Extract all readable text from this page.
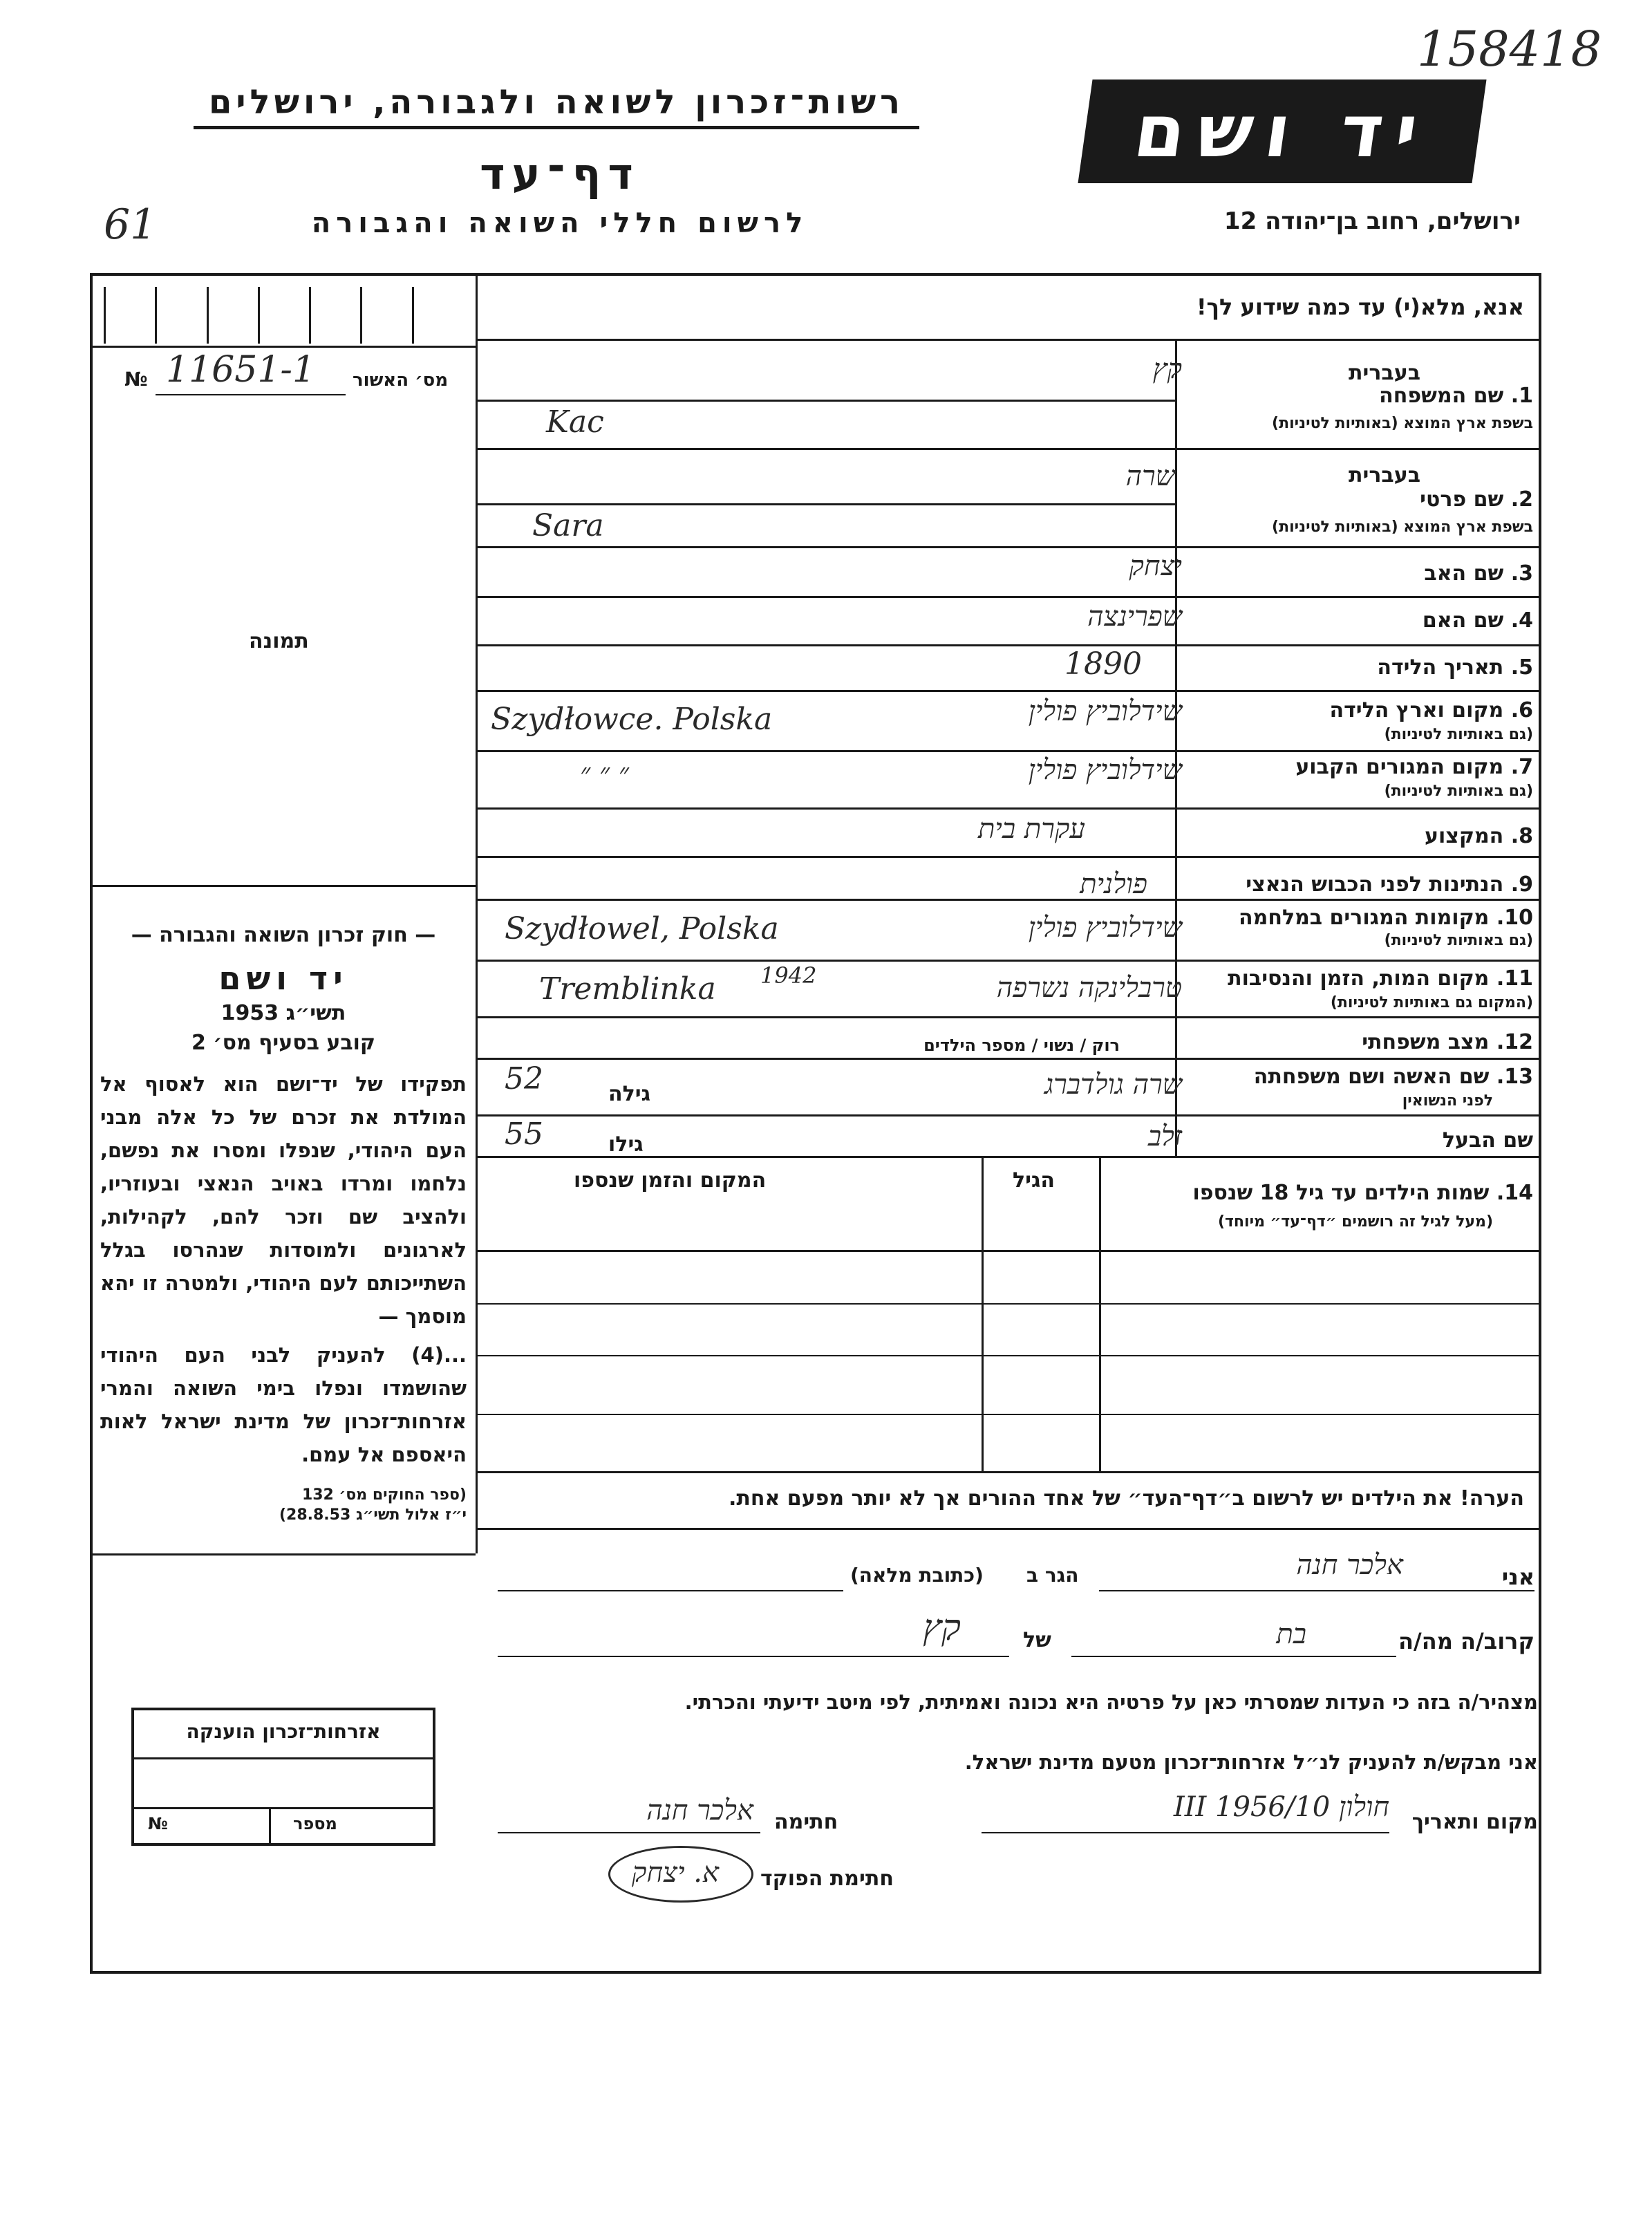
158418
61
רשות־זכרון לשואה ולגבורה, ירושלים
דף־עד
לרשום חללי השואה והגבורה
יד ושם
ירושלים, רחוב בן־יהודה 12
אנא, מלא(י) עד כמה שידוע לך!
מס׳ האשור
№ 11651-1
תמונה
— חוק זכרון השואה והגבורה —
יד ושם
תשי״ג 1953
קובע בסעיף מס׳ 2

תפקידו של יד־ושם הוא לאסוף אל המולדת את זכרם של כל אלה מבני העם היהודי, שנפלו ומסרו את נפשם, נלחמו ומרדו באויב הנאצי ובעוזריו, ולהציב שם וזכר להם, לקהילות, לארגונים ולמוסדות שנהרסו בגלל השתייכותם לעם היהודי, ולמטרה זו יהא מוסמך —

...(4) להעניק לבני העם היהודי שהושמדו ונפלו בימי השואה והמרי אזרחות־זכרון של מדינת ישראל לאות היאספם אל עמם.

(ספר החוקים מס׳ 132
י״ז אלול תשי״ג 28.8.53)
אזרחות־זכרון הוענקה
מספר
№
1. שם המשפחה
בעברית
בשפת ארץ המוצא (באותיות לטיניות)
קץ
Kac
2. שם פרטי
בעברית
בשפת ארץ המוצא (באותיות לטיניות)
שרה
Sara
3. שם האב
יצחק
4. שם האם
שפרינצה
5. תאריך הלידה
1890
6. מקום וארץ הלידה
(גם באותיות לטיניות)
Szydłowce. Polska	שידלוביץ פולין
7. מקום המגורים הקבוע
(גם באותיות לטיניות)
״ ״ ״	שידלוביץ פולין
8. המקצוע
עקרת בית
9. הנתינות לפני הכבוש הנאצי
פולנית
10. מקומות המגורים במלחמה
(גם באותיות לטיניות)
Szydłowel, Polska	שידלוביץ פולין
11. מקום המות, הזמן והנסיבות
(המקום גם באותיות לטיניות)
Tremblinka 1942	טרבלינקה נשרפה
12. מצב משפחתי
רוק / נשוי / מספר הילדים
13. שם האשה ושם משפחתה
לפני הנשואין
52	גילה	שרה גולדברג
שם הבעל
55	גילו	זלב
14. שמות הילדים עד גיל 18 שנספו
(מעל לגיל זה רושמים ״דף־עד״ מיוחד)
הגיל
המקום והזמן שנספו
הערה! את הילדים יש לרשום ב״דף־העד״ של אחד ההורים אך לא יותר מפעם אחת.
אני
אלכר חנה
הגר ב
(כתובת מלאה)
קרוב/ה מה/ה
בת
של
קץ
מצהיר/ה בזה כי העדות שמסרתי כאן על פרטיה היא נכונה ואמיתית, לפי מיטב ידיעתי והכרתי.
אני מבקש/ת להעניק לנ״ל אזרחות־זכרון מטעם מדינת ישראל.
מקום ותאריך
חולון 10/III 1956
חתימה
אלכר חנה
חתימת הפוקד
א. יצחק
